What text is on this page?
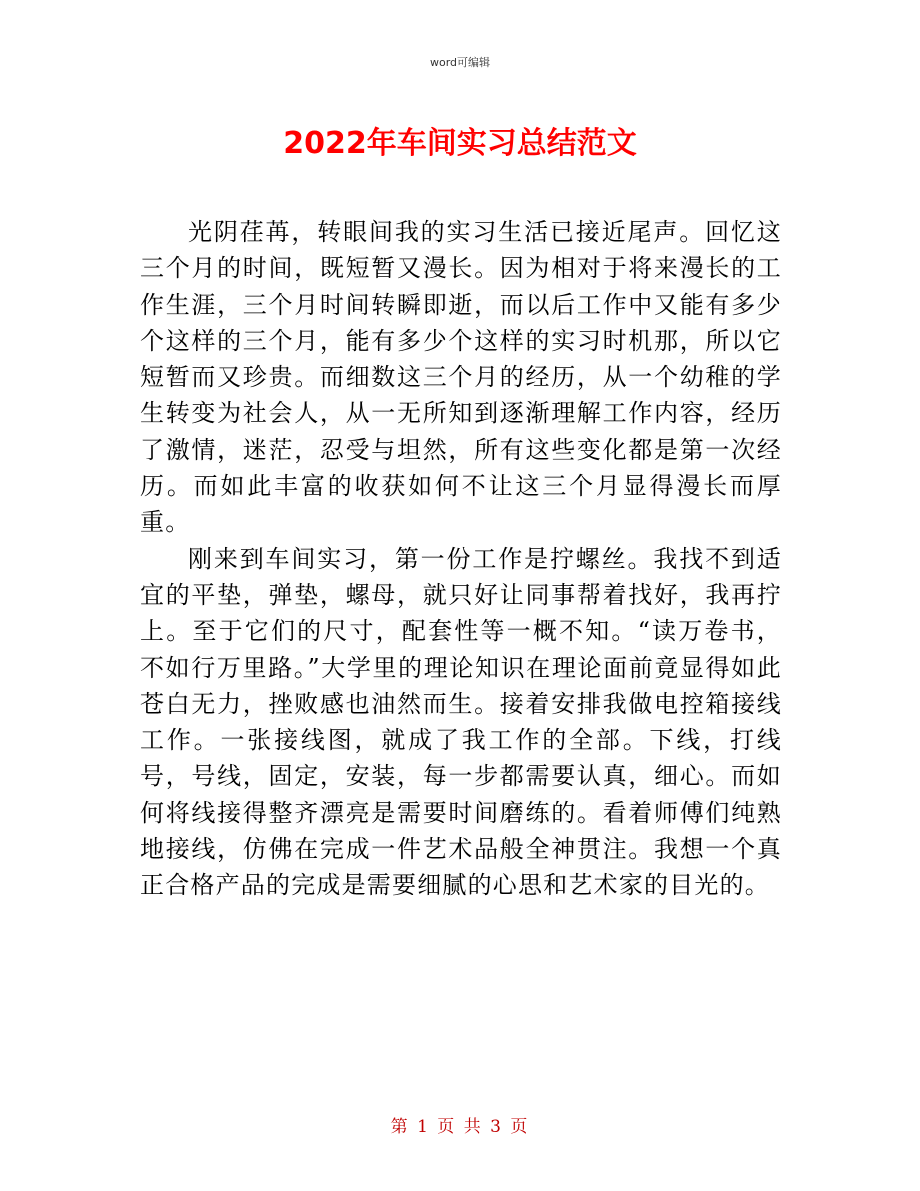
word可编辑
2022年车间实习总结范文

光阴荏苒，转眼间我的实习生活已接近尾声。回忆这三个月的时间，既短暂又漫长。因为相对于将来漫长的工作生涯，三个月时间转瞬即逝，而以后工作中又能有多少个这样的三个月，能有多少个这样的实习时机那，所以它短暂而又珍贵。而细数这三个月的经历，从一个幼稚的学生转变为社会人，从一无所知到逐渐理解工作内容，经历了激情，迷茫，忍受与坦然，所有这些变化都是第一次经历。而如此丰富的收获如何不让这三个月显得漫长而厚重。

刚来到车间实习，第一份工作是拧螺丝。我找不到适宜的平垫，弹垫，螺母，就只好让同事帮着找好，我再拧上。至于它们的尺寸，配套性等一概不知。“读万卷书，不如行万里路。”大学里的理论知识在理论面前竟显得如此苍白无力，挫败感也油然而生。接着安排我做电控箱接线工作。一张接线图，就成了我工作的全部。下线，打线号，号线，固定，安装，每一步都需要认真，细心。而如何将线接得整齐漂亮是需要时间磨练的。看着师傅们纯熟地接线，仿佛在完成一件艺术品般全神贯注。我想一个真正合格产品的完成是需要细腻的心思和艺术家的目光的。

第 1 页 共 3 页
